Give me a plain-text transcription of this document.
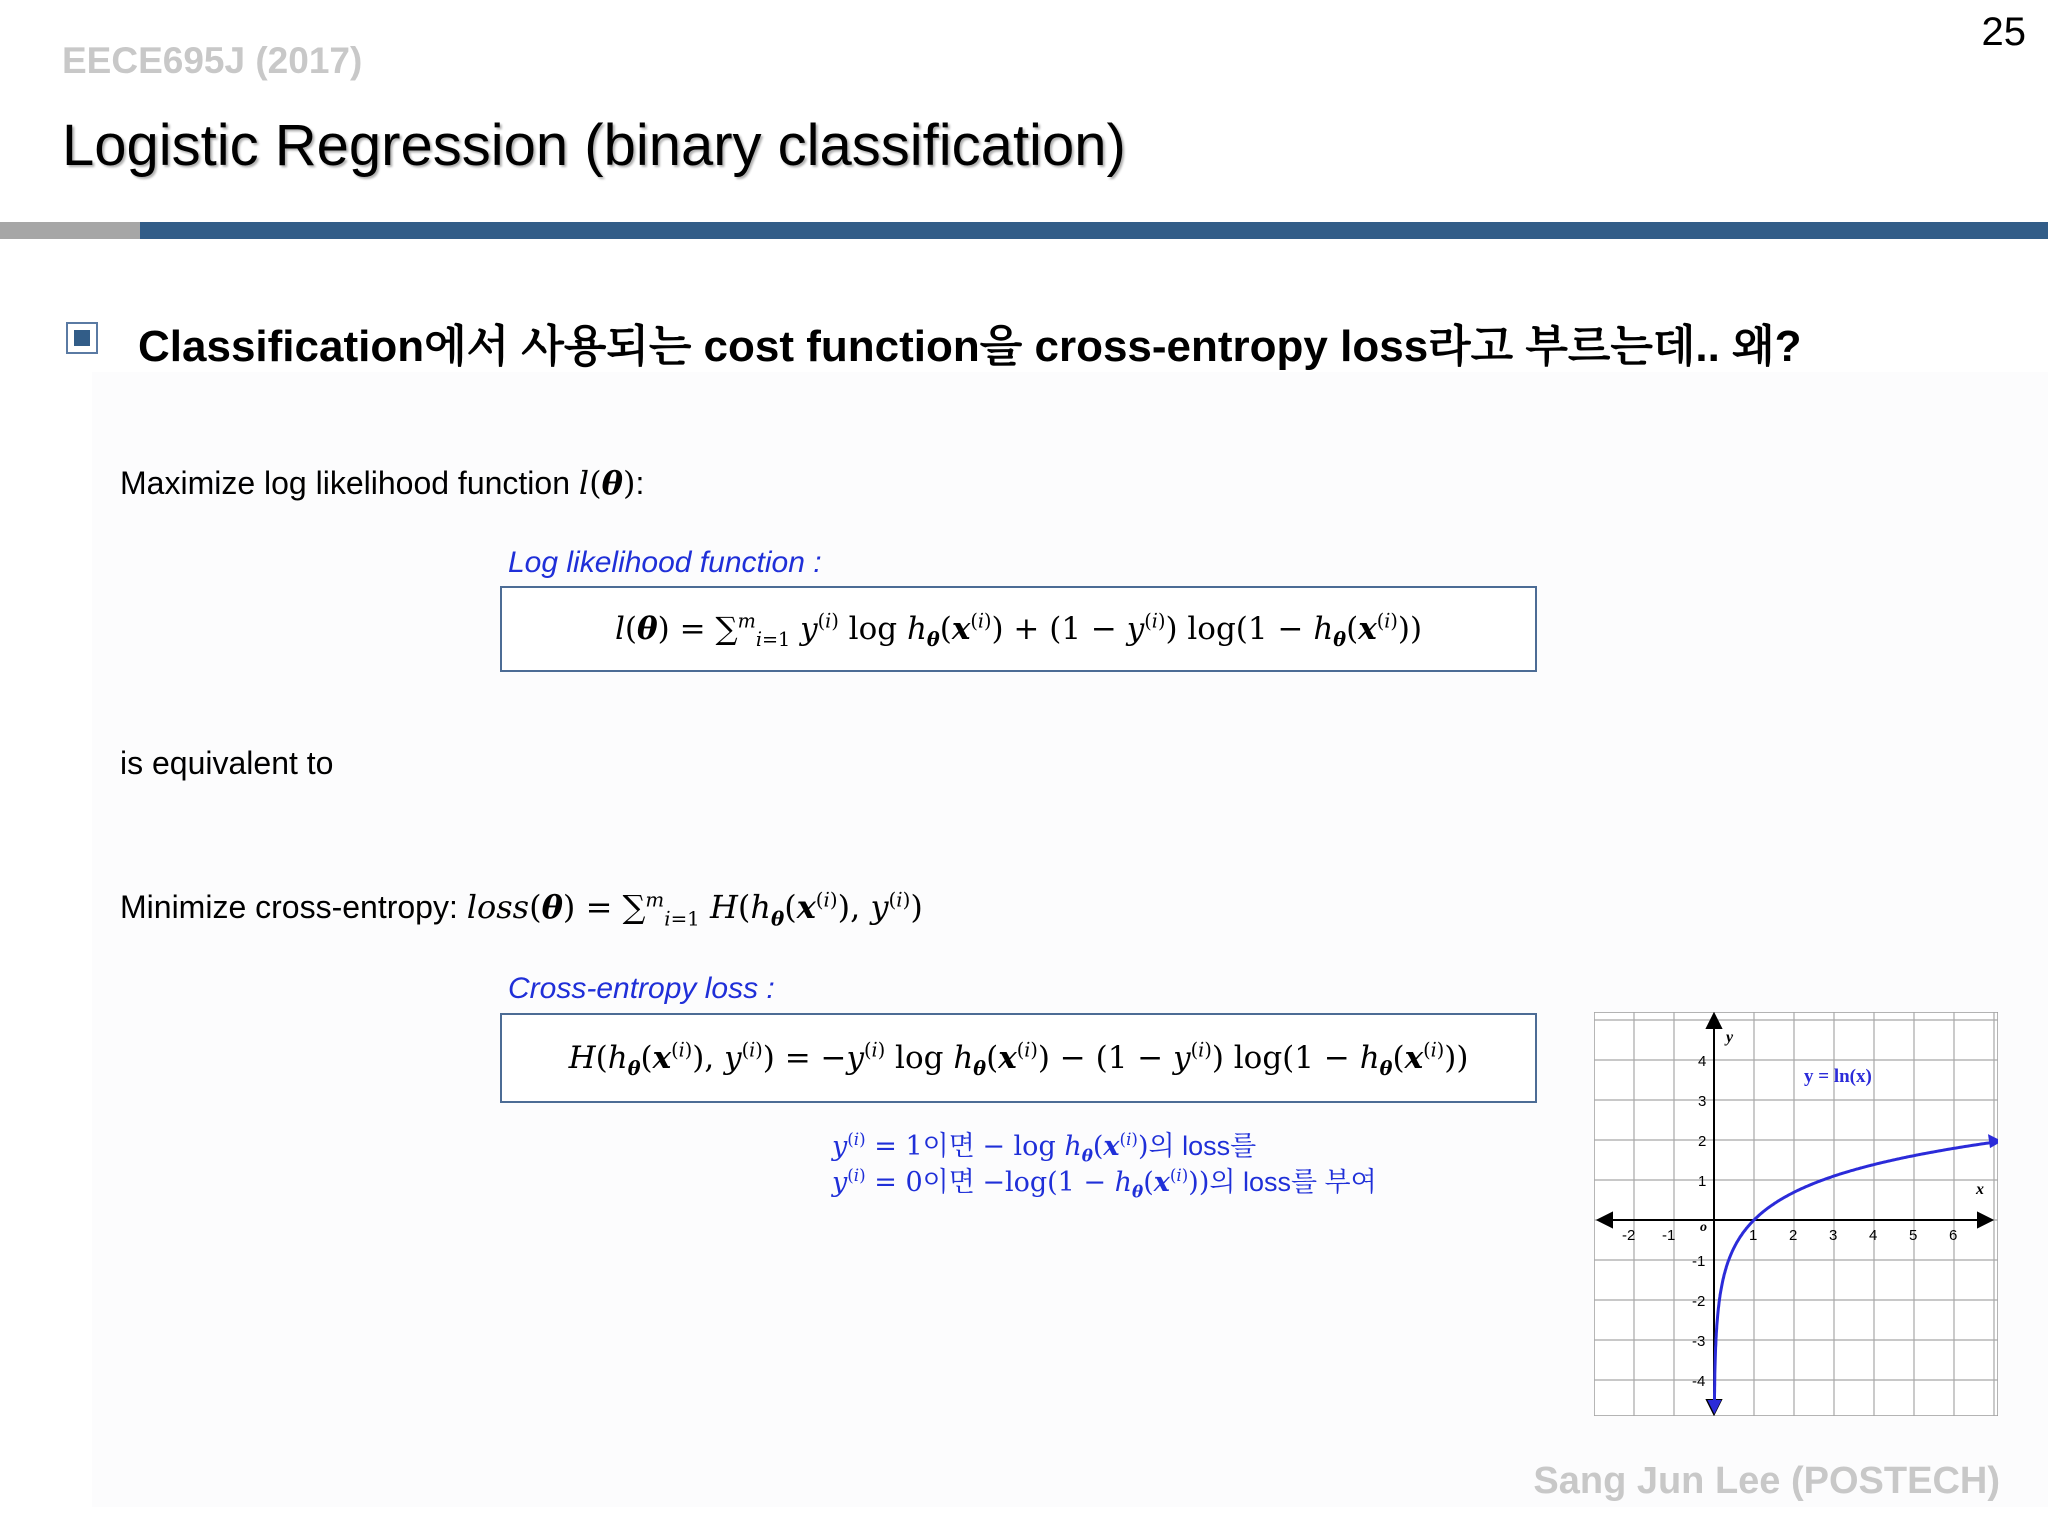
EECE695J (2017)
25
Logistic Regression (binary classification)
Classification에서 사용되는 cost function을 cross-entropy loss라고 부르는데.. 왜?
Maximize log likelihood function l(θ):
Log likelihood function :
l(θ) = ∑$^m_{i=1}$ $y^{(i)}$ $\log h_\theta(x^{(i)}) + (1 - y^{(i)}) \log(1 - h_\theta(x^{(i)}))$
is equivalent to
Minimize cross-entropy: loss(θ) = ∑$^m_{i=1}$ $H(h_\theta(x^{(i)})$, $y^{(i)}$)
Cross-entropy loss :
$H(h_\theta(x^{(i)})$, $y^{(i)}) = -y^{(i)}$ $\log h_\theta(x^{(i)}) - (1 - y^{(i)}) \log(1 - h_\theta(x^{(i)}))$
$y^{(i)} = 1$이면 − $\log h_\theta(x^{(i)})$의 loss를
$y^{(i)} = 0$이면 $-\log(1 - h_\theta(x^{(i)}))$의 loss를 부여
-2 -1	1 2 3 4 5 6
4
3
2
1
-1
-2
-3
-4
y = ln(x)
x
y
o
Sang Jun Lee (POSTECH)
